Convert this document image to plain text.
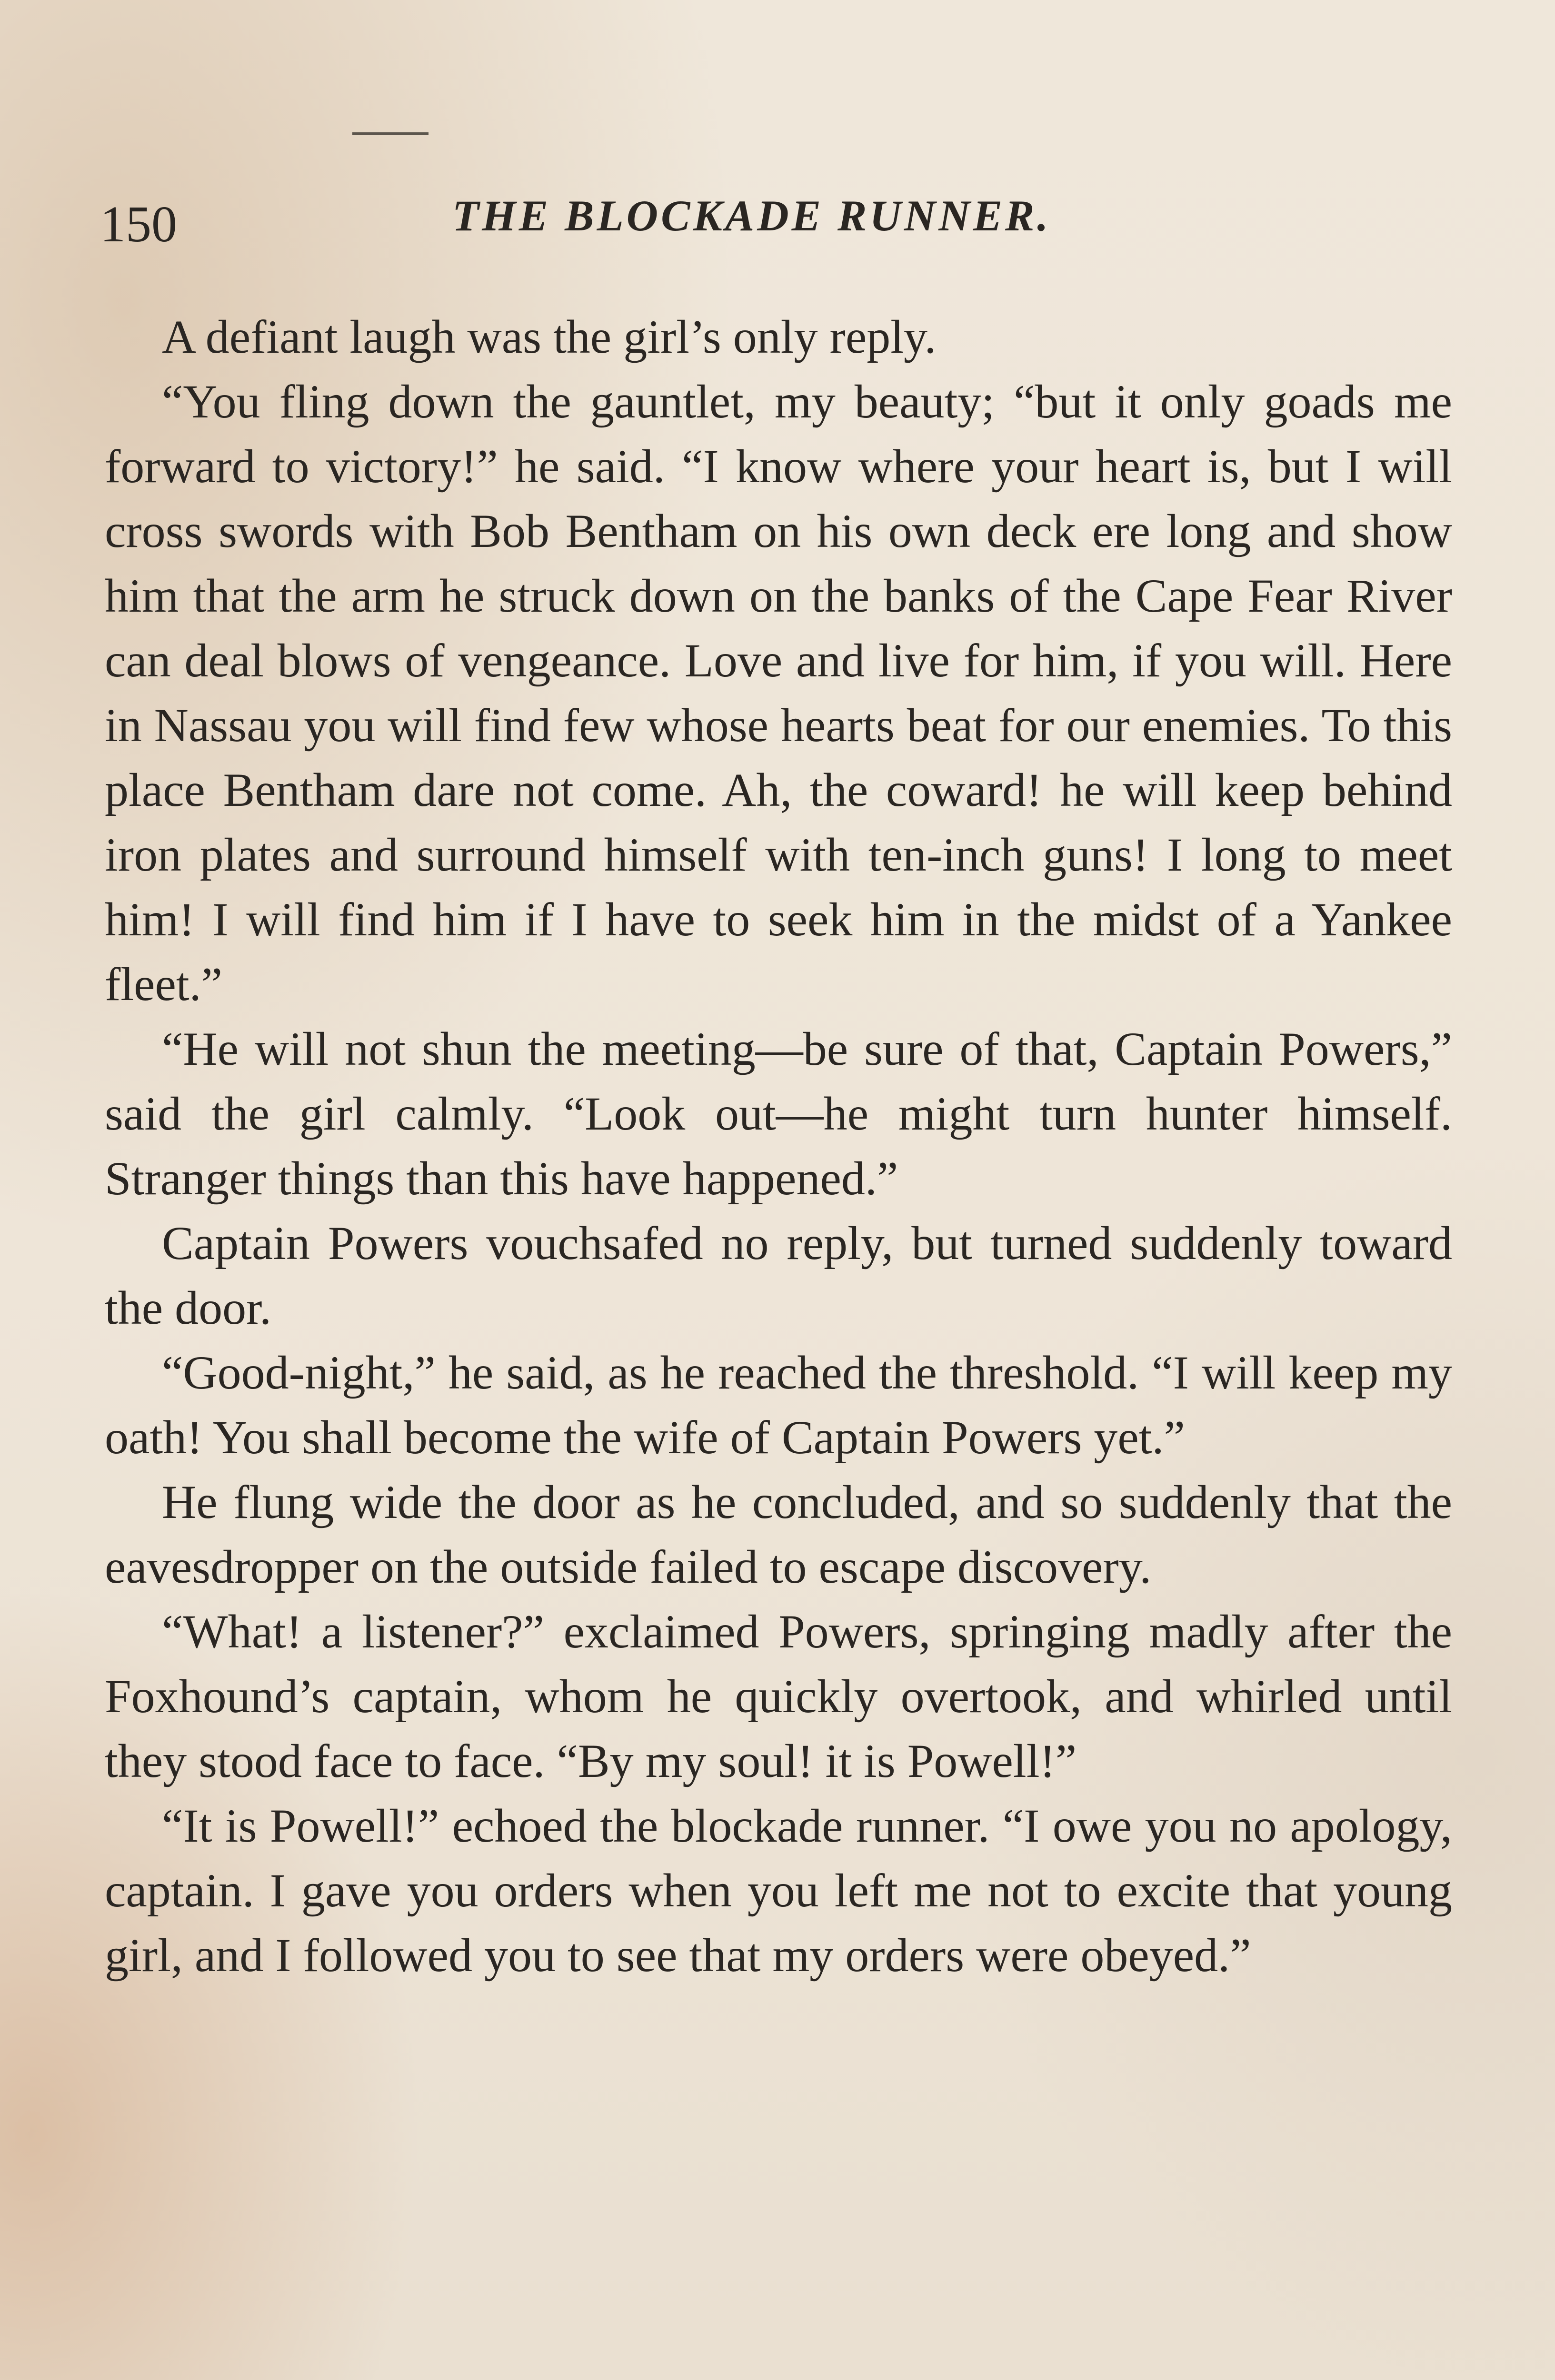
150	THE BLOCKADE RUNNER.

A defiant laugh was the girl’s only reply.

“You fling down the gauntlet, my beauty; “but it only goads me forward to victory!” he said. “I know where your heart is, but I will cross swords with Bob Bentham on his own deck ere long and show him that the arm he struck down on the banks of the Cape Fear River can deal blows of vengeance. Love and live for him, if you will. Here in Nassau you will find few whose hearts beat for our enemies. To this place Bentham dare not come. Ah, the coward! he will keep behind iron plates and surround himself with ten-inch guns! I long to meet him! I will find him if I have to seek him in the midst of a Yankee fleet.”

“He will not shun the meeting—be sure of that, Captain Powers,” said the girl calmly. “Look out—he might turn hunter himself. Stranger things than this have happened.”

Captain Powers vouchsafed no reply, but turned suddenly toward the door.

“Good-night,” he said, as he reached the threshold. “I will keep my oath! You shall become the wife of Captain Powers yet.”

He flung wide the door as he concluded, and so suddenly that the eavesdropper on the outside failed to escape discovery.

“What! a listener?” exclaimed Powers, springing madly after the Foxhound’s captain, whom he quickly overtook, and whirled until they stood face to face. “By my soul! it is Powell!”

“It is Powell!” echoed the blockade runner. “I owe you no apology, captain. I gave you orders when you left me not to excite that young girl, and I followed you to see that my orders were obeyed.”
